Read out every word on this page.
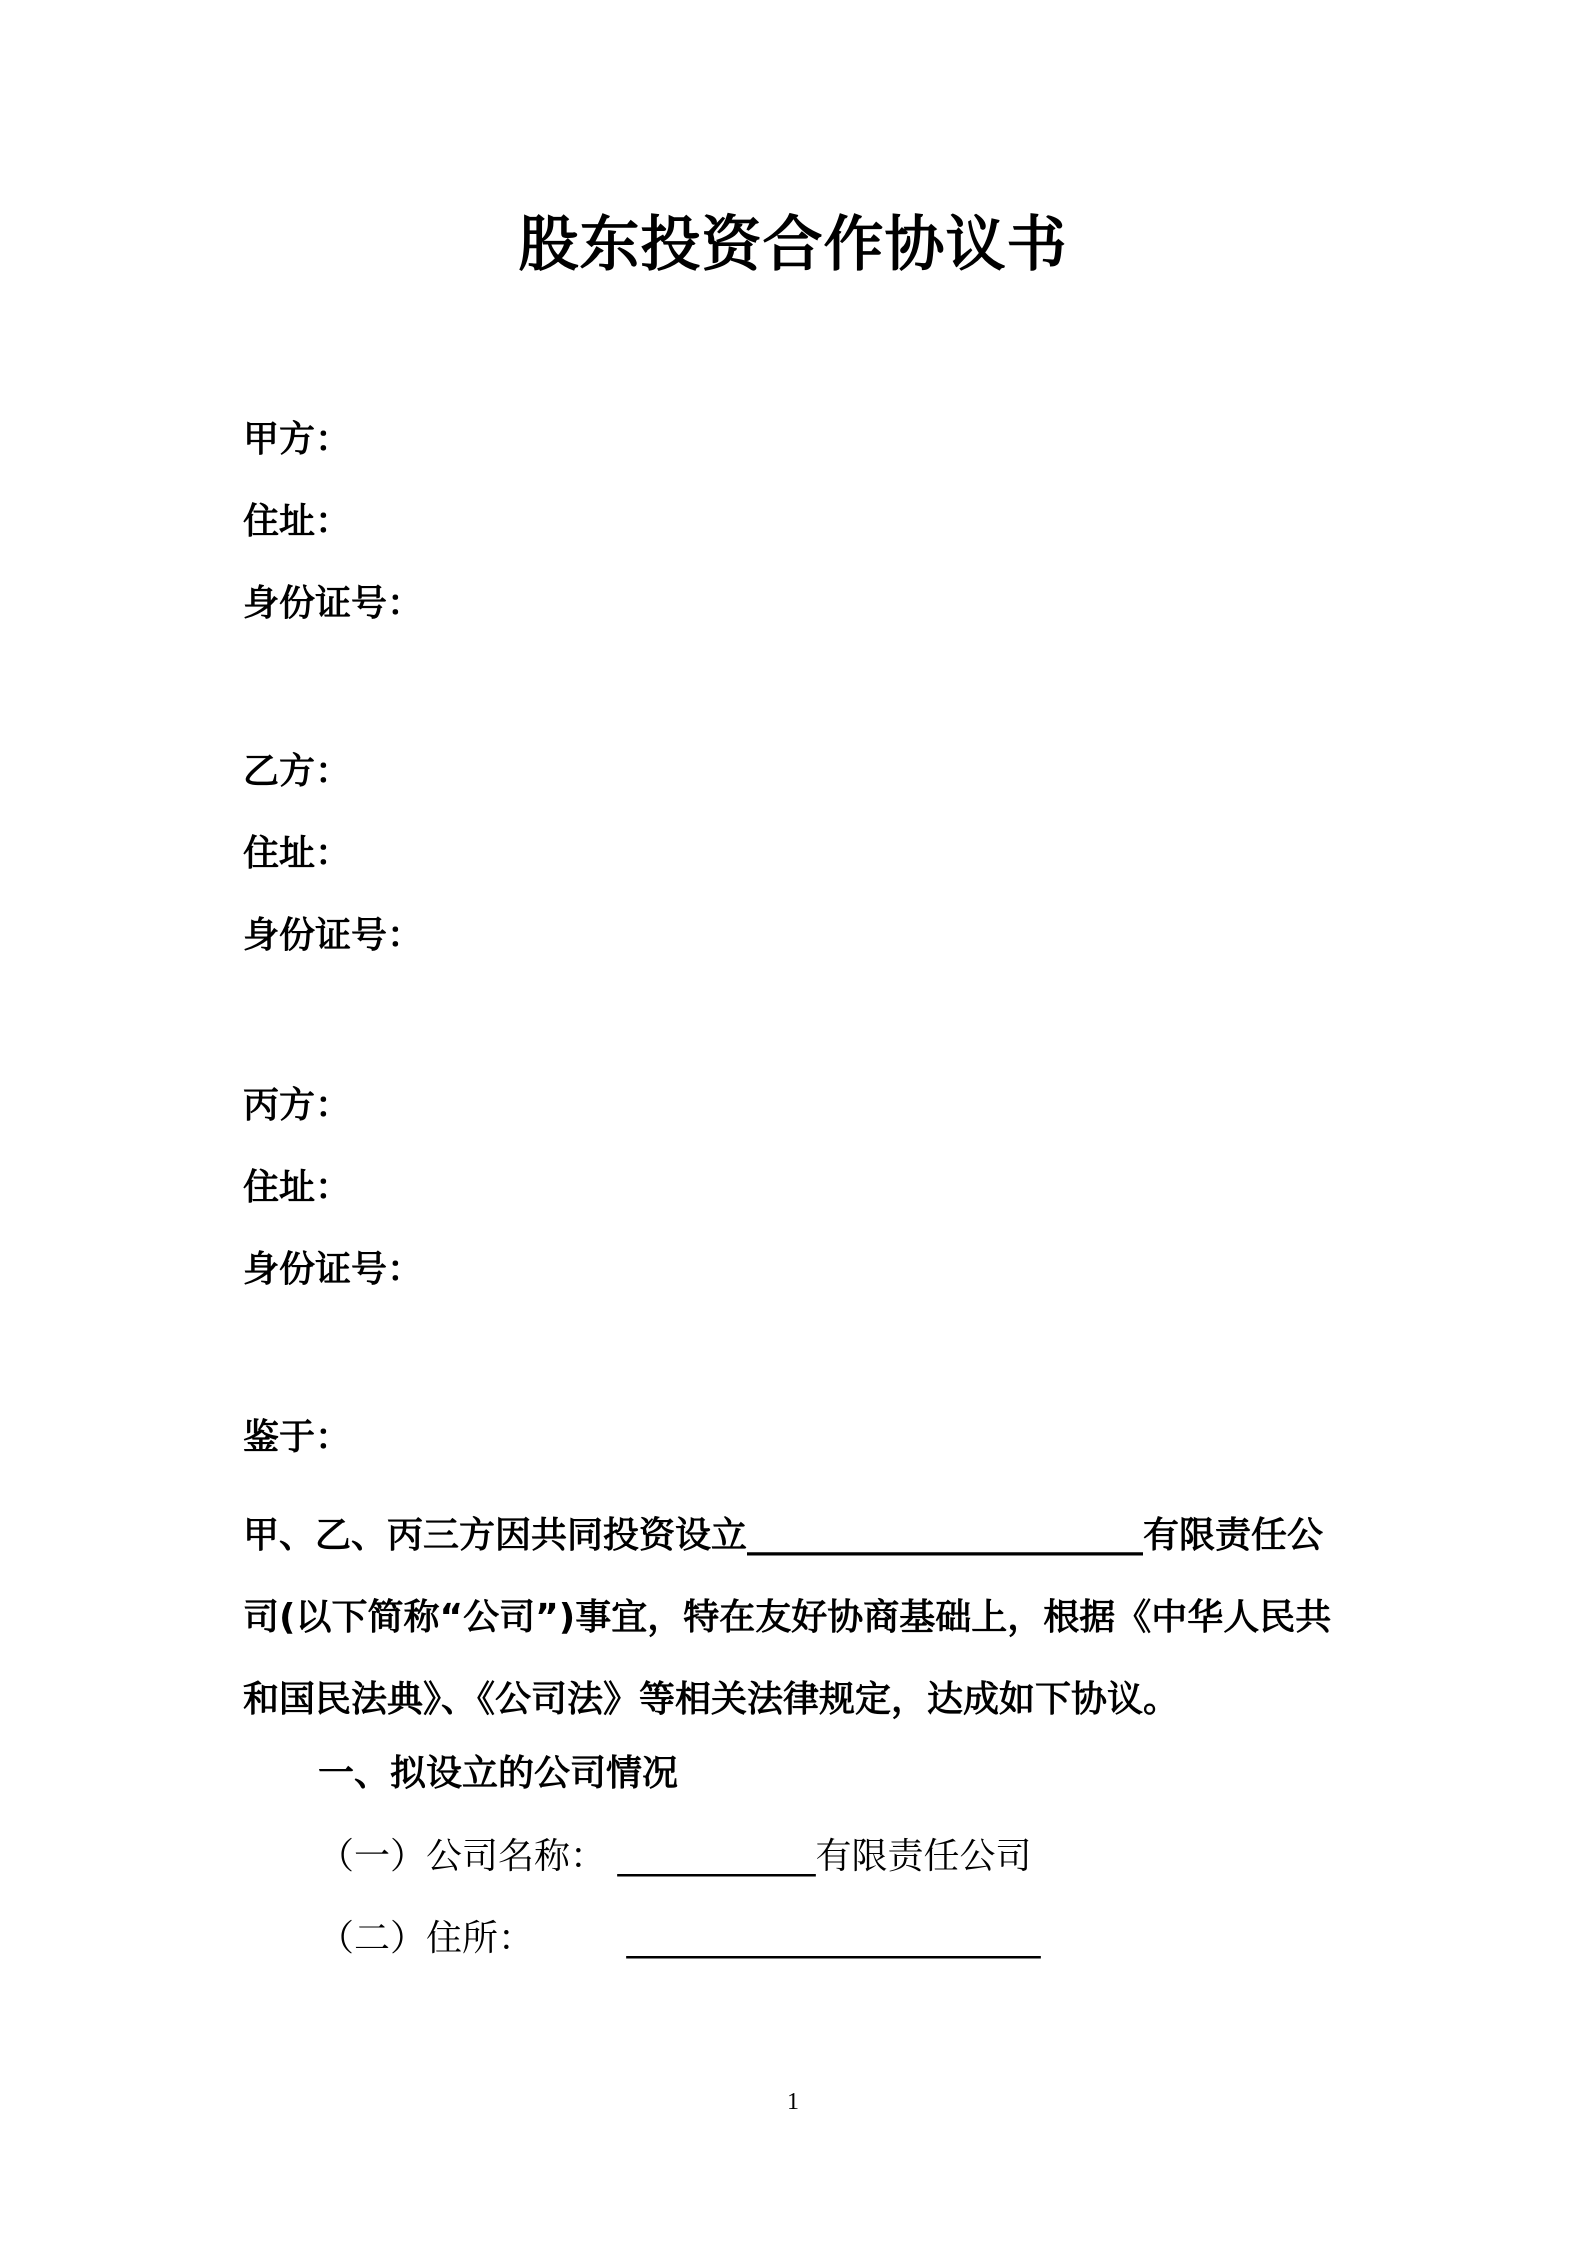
股东投资合作协议书
甲方：
住址：
身份证号：
乙方：
住址：
身份证号：
丙方：
住址：
身份证号：
鉴于：
甲、乙、丙三方因共同投资设立______________________有限责任公
司(以下简称“公司”)事宜，特在友好协商基础上，根据《中华人民共
和国民法典》、《公司法》等相关法律规定，达成如下协议。
一、拟设立的公司情况
（一）公司名称： ___________有限责任公司
（二）住所：	_______________________
1
